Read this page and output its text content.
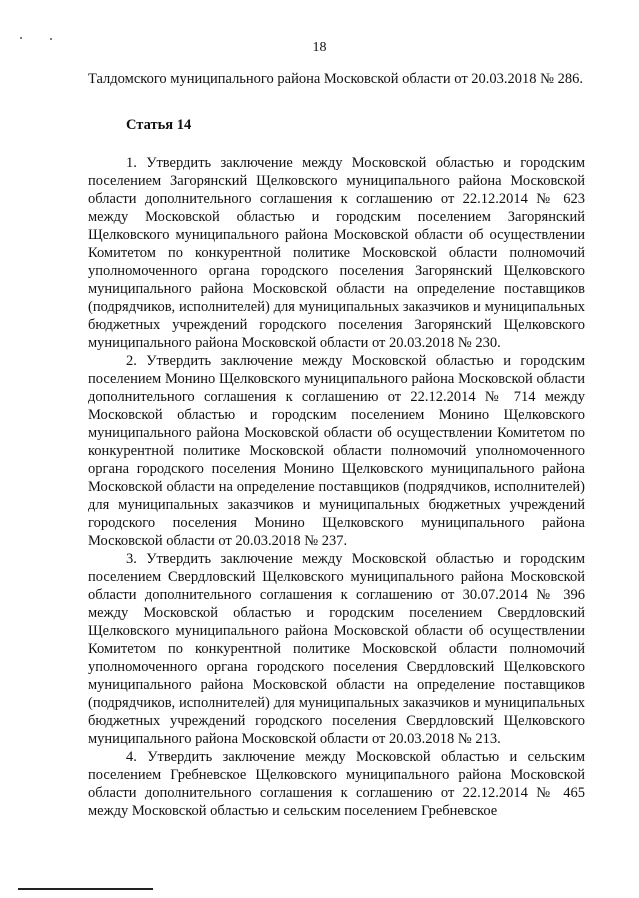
18

Талдомского муниципального района Московской области от 20.03.2018 № 286.

Статья 14

1. Утвердить заключение между Московской областью и городским поселением Загорянский Щелковского муниципального района Московской области дополнительного соглашения к соглашению от 22.12.2014 № 623 между Московской областью и городским поселением Загорянский Щелковского муниципального района Московской области об осуществлении Комитетом по конкурентной политике Московской области полномочий уполномоченного органа городского поселения Загорянский Щелковского муниципального района Московской области на определение поставщиков (подрядчиков, исполнителей) для муниципальных заказчиков и муниципальных бюджетных учреждений городского поселения Загорянский Щелковского муниципального района Московской области от 20.03.2018 № 230.

2. Утвердить заключение между Московской областью и городским поселением Монино Щелковского муниципального района Московской области дополнительного соглашения к соглашению от 22.12.2014 № 714 между Московской областью и городским поселением Монино Щелковского муниципального района Московской области об осуществлении Комитетом по конкурентной политике Московской области полномочий уполномоченного органа городского поселения Монино Щелковского муниципального района Московской области на определение поставщиков (подрядчиков, исполнителей) для муниципальных заказчиков и муниципальных бюджетных учреждений городского поселения Монино Щелковского муниципального района Московской области от 20.03.2018 № 237.

3. Утвердить заключение между Московской областью и городским поселением Свердловский Щелковского муниципального района Московской области дополнительного соглашения к соглашению от 30.07.2014 № 396 между Московской областью и городским поселением Свердловский Щелковского муниципального района Московской области об осуществлении Комитетом по конкурентной политике Московской области полномочий уполномоченного органа городского поселения Свердловский Щелковского муниципального района Московской области на определение поставщиков (подрядчиков, исполнителей) для муниципальных заказчиков и муниципальных бюджетных учреждений городского поселения Свердловский Щелковского муниципального района Московской области от 20.03.2018 № 213.

4. Утвердить заключение между Московской областью и сельским поселением Гребневское Щелковского муниципального района Московской области дополнительного соглашения к соглашению от 22.12.2014 № 465 между Московской областью и сельским поселением Гребневское
